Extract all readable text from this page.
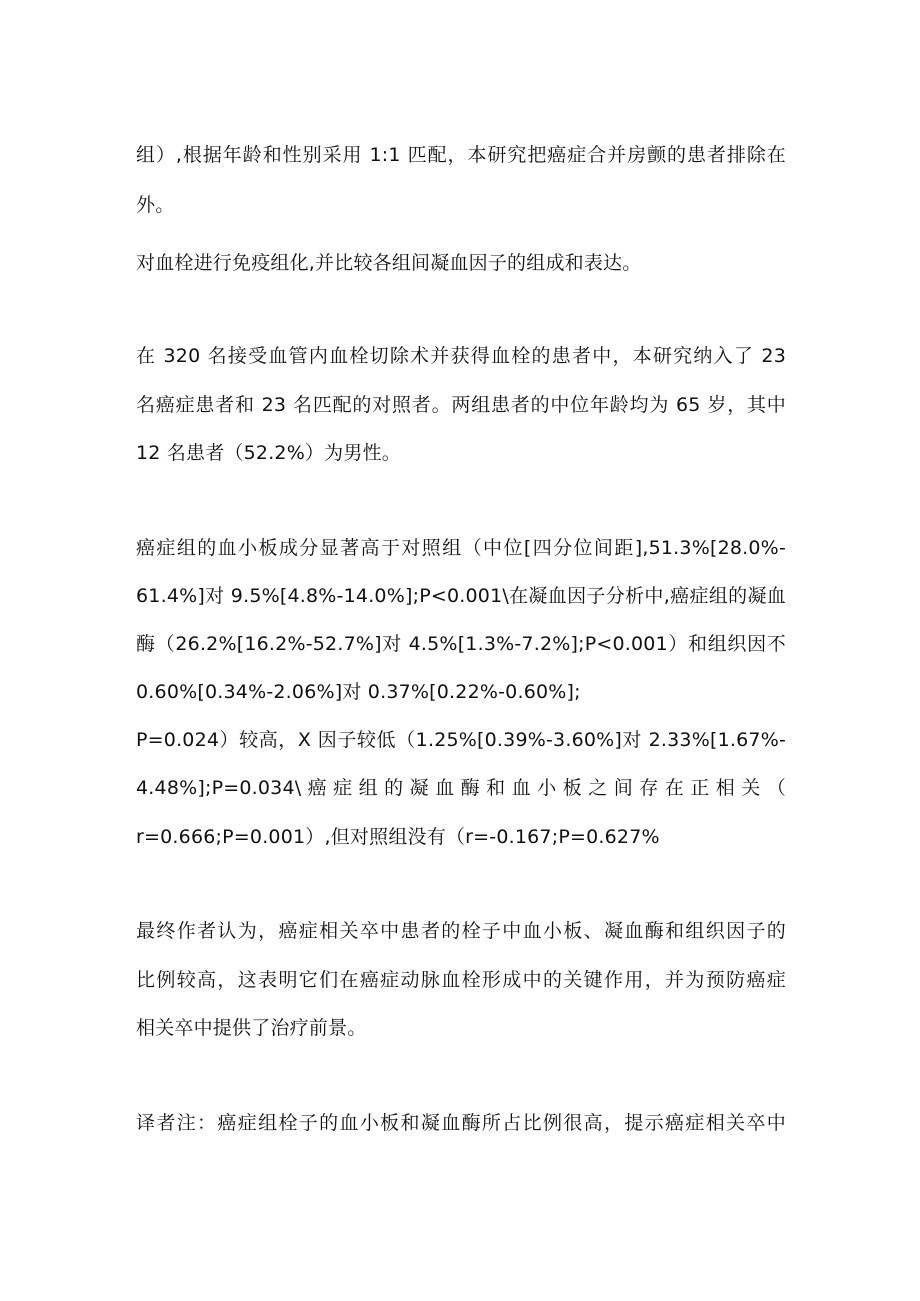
组）,根据年龄和性别采用 1:1 匹配，本研究把癌症合并房颤的患者排除在
外。
对血栓进行免疫组化,并比较各组间凝血因子的组成和表达。
在 320 名接受血管内血栓切除术并获得血栓的患者中，本研究纳入了 23
名癌症患者和 23 名匹配的对照者。两组患者的中位年龄均为 65 岁，其中
12 名患者（52.2%）为男性。
癌症组的血小板成分显著高于对照组（中位[四分位间距],51.3%[28.0%-
61.4%]对 9.5%[4.8%-14.0%];P<0.001\在凝血因子分析中,癌症组的凝血
酶（26.2%[16.2%-52.7%]对 4.5%[1.3%-7.2%];P<0.001）和组织因不
0.60%[0.34%-2.06%]对 0.37%[0.22%-0.60%];
P=0.024）较高，X 因子较低（1.25%[0.39%-3.60%]对 2.33%[1.67%-
4.48%];P=0.034\ 癌 症 组 的 凝 血 酶 和 血 小 板 之 间 存 在 正 相 关 （
r=0.666;P=0.001）,但对照组没有（r=-0.167;P=0.627%
最终作者认为，癌症相关卒中患者的栓子中血小板、凝血酶和组织因子的
比例较高，这表明它们在癌症动脉血栓形成中的关键作用，并为预防癌症
相关卒中提供了治疗前景。
译者注：癌症组栓子的血小板和凝血酶所占比例很高，提示癌症相关卒中
